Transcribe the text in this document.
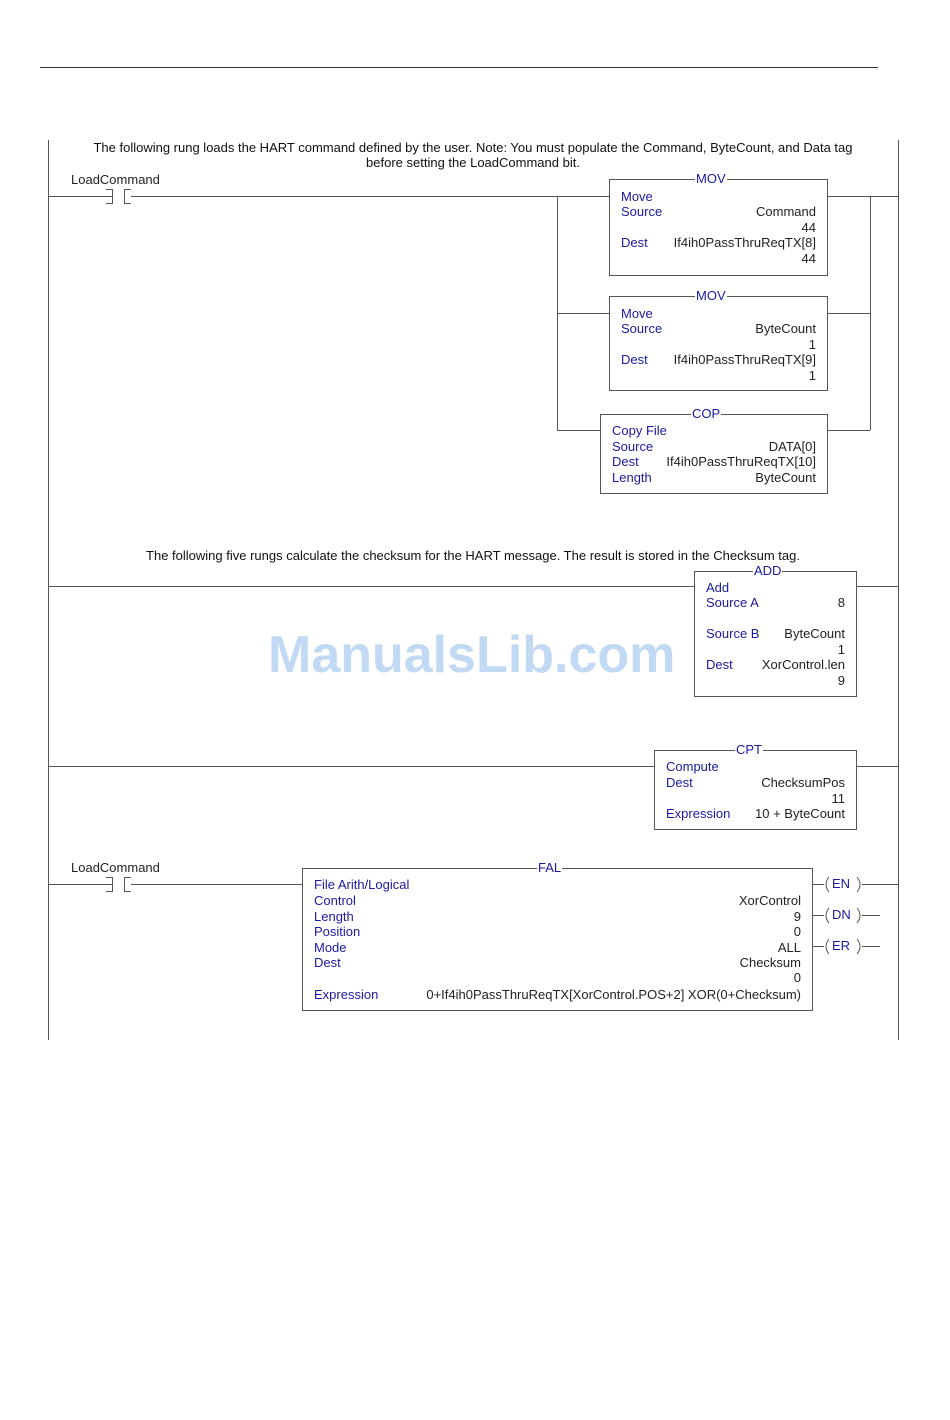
The following rung loads the HART command defined by the user. Note: You must populate the Command, ByteCount, and Data tag
before setting the LoadCommand bit.
LoadCommand	MOV
Move
Source	Command
44
Dest If4ih0PassThruReqTX[8]
44
MOV
Move
Source	ByteCount
1
Dest If4ih0PassThruReqTX[9]
1
COP
Copy File
Source	DATA[0]
Dest If4ih0PassThruReqTX[10]
Length	ByteCount
The following five rungs calculate the checksum for the HART message. The result is stored in the Checksum tag.
ADD
Add
Source A	8
Source B ByteCount
1
Dest XorControl.len
9
CPT
Compute
Dest	ChecksumPos
11
Expression 10 + ByteCount
LoadCommand	FAL
File Arith/Logical
Control	XorControl
Length	9
Position	0
Mode	ALL
Dest	Checksum
0
Expression	0+If4ih0PassThruReqTX[XorControl.POS+2] XOR(0+Checksum)
EN
DN
ER
ManualsLib.com
